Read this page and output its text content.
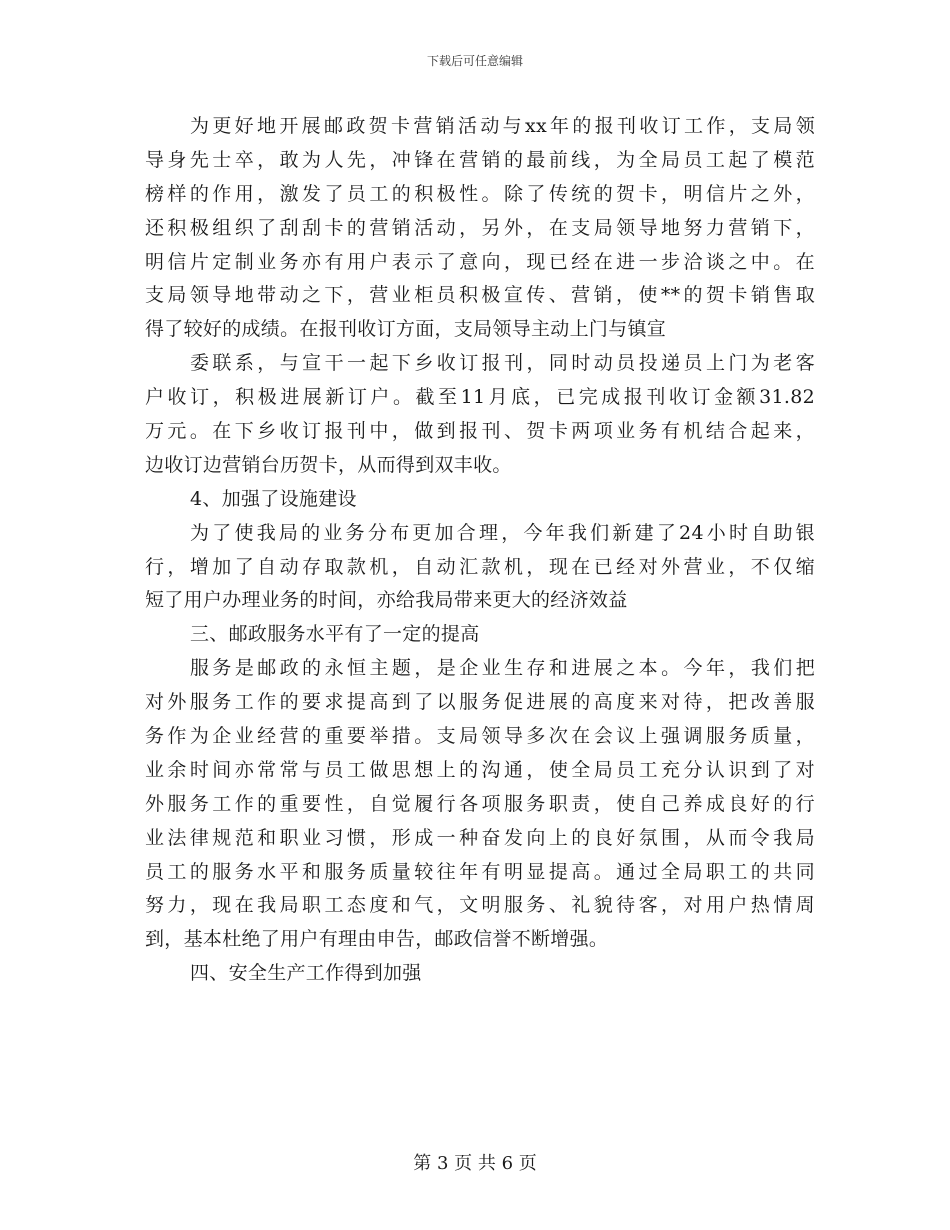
下载后可任意编辑
为更好地开展邮政贺卡营销活动与xx年的报刊收订工作，支局领
导身先士卒，敢为人先，冲锋在营销的最前线，为全局员工起了模范
榜样的作用，激发了员工的积极性。除了传统的贺卡，明信片之外，
还积极组织了刮刮卡的营销活动，另外，在支局领导地努力营销下，
明信片定制业务亦有用户表示了意向，现已经在进一步洽谈之中。在
支局领导地带动之下，营业柜员积极宣传、营销，使**的贺卡销售取
得了较好的成绩。在报刊收订方面，支局领导主动上门与镇宣
委联系，与宣干一起下乡收订报刊，同时动员投递员上门为老客
户收订，积极进展新订户。截至11月底，已完成报刊收订金额31.82
万元。在下乡收订报刊中，做到报刊、贺卡两项业务有机结合起来，
边收订边营销台历贺卡，从而得到双丰收。
4、加强了设施建设
为了使我局的业务分布更加合理，今年我们新建了24小时自助银
行，增加了自动存取款机，自动汇款机，现在已经对外营业，不仅缩
短了用户办理业务的时间，亦给我局带来更大的经济效益
三、邮政服务水平有了一定的提高
服务是邮政的永恒主题，是企业生存和进展之本。今年，我们把
对外服务工作的要求提高到了以服务促进展的高度来对待，把改善服
务作为企业经营的重要举措。支局领导多次在会议上强调服务质量，
业余时间亦常常与员工做思想上的沟通，使全局员工充分认识到了对
外服务工作的重要性，自觉履行各项服务职责，使自己养成良好的行
业法律规范和职业习惯，形成一种奋发向上的良好氛围，从而令我局
员工的服务水平和服务质量较往年有明显提高。通过全局职工的共同
努力，现在我局职工态度和气，文明服务、礼貌待客，对用户热情周
到，基本杜绝了用户有理由申告，邮政信誉不断增强。
四、安全生产工作得到加强
第 3 页 共 6 页
